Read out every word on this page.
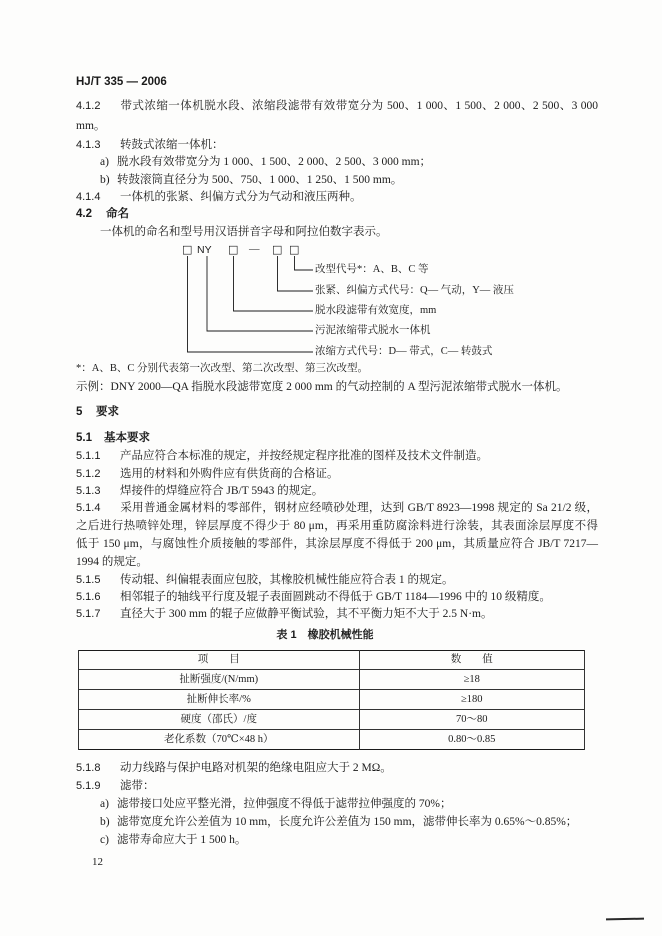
HJ/T 335 — 2006
4.1.2 带式浓缩一体机脱水段、浓缩段滤带有效带宽分为 500、1 000、1 500、2 000、2 500、3 000
mm。
4.1.3 转鼓式浓缩一体机：
a) 脱水段有效带宽分为 1 000、1 500、2 000、2 500、3 000 mm；
b) 转鼓滚筒直径分为 500、750、1 000、1 250、1 500 mm。
4.1.4 一体机的张紧、纠偏方式分为气动和液压两种。
4.2 命名
一体机的命名和型号用汉语拼音字母和阿拉伯数字表示。
□ NY □ — □ □
改型代号*：A、B、C 等
张紧、纠偏方式代号：Q— 气动，Y— 液压
脱水段滤带有效宽度，mm
污泥浓缩带式脱水一体机
浓缩方式代号：D— 带式，C— 转鼓式
*：A、B、C 分别代表第一次改型、第二次改型、第三次改型。
示例：DNY 2000—QA 指脱水段滤带宽度 2 000 mm 的气动控制的 A 型污泥浓缩带式脱水一体机。
5 要求
5.1 基本要求
5.1.1 产品应符合本标准的规定，并按经规定程序批准的图样及技术文件制造。
5.1.2 选用的材料和外购件应有供货商的合格证。
5.1.3 焊接件的焊缝应符合 JB/T 5943 的规定。
5.1.4 采用普通金属材料的零部件，钢材应经喷砂处理，达到 GB/T 8923—1998 规定的 Sa 21/2 级，
之后进行热喷锌处理，锌层厚度不得少于 80 μm，再采用重防腐涂料进行涂装，其表面涂层厚度不得
低于 150 μm，与腐蚀性介质接触的零部件，其涂层厚度不得低于 200 μm，其质量应符合 JB/T 7217—
1994 的规定。
5.1.5 传动辊、纠偏辊表面应包胶，其橡胶机械性能应符合表 1 的规定。
5.1.6 相邻辊子的轴线平行度及辊子表面圆跳动不得低于 GB/T 1184—1996 中的 10 级精度。
5.1.7 直径大于 300 mm 的辊子应做静平衡试验，其不平衡力矩不大于 2.5 N·m。
表 1　橡胶机械性能
项　　目	数　　值
扯断强度/(N/mm)	≥18
扯断伸长率/%	≥180
硬度（邵氏）/度	70～80
老化系数（70℃×48 h）	0.80～0.85
5.1.8 动力线路与保护电路对机架的绝缘电阻应大于 2 MΩ。
5.1.9 滤带：
a) 滤带接口处应平整光滑，拉伸强度不得低于滤带拉伸强度的 70%；
b) 滤带宽度允许公差值为 10 mm，长度允许公差值为 150 mm，滤带伸长率为 0.65%～0.85%；
c) 滤带寿命应大于 1 500 h。
12
